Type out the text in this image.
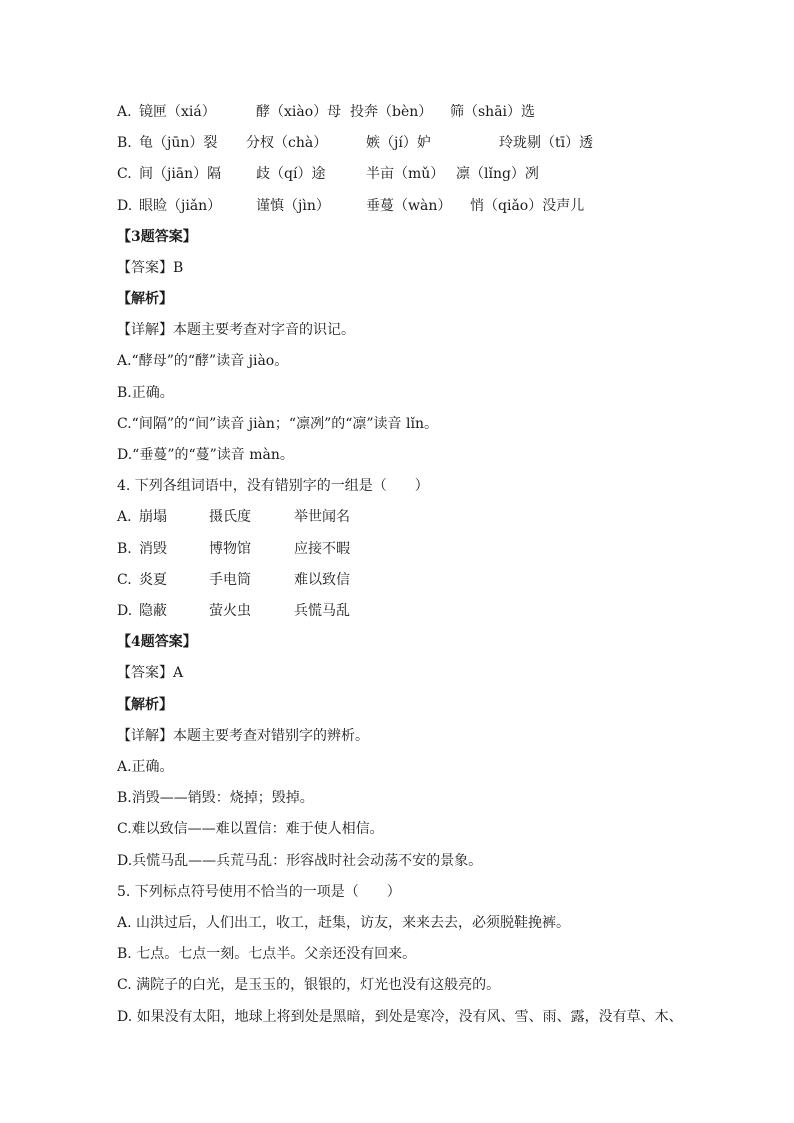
A. 镜匣（xiá）	酵（xiào）母 投奔（bèn） 筛（shāi）选
B. 龟（jūn）裂 分杈（chà）	嫉（jí）妒	玲珑剔（tī）透
C. 间（jiān）隔 歧（qí）途	半亩（mǔ） 凛（lǐng）冽
D. 眼睑（jiǎn） 谨慎（jìn）	垂蔓（wàn） 悄（qiǎo）没声儿
【3题答案】
【答案】B
【解析】
【详解】本题主要考查对字音的识记。
A.“酵母”的“酵”读音 jiào。
B.正确。
C.“间隔”的“间”读音 jiàn；“凛冽”的“凛”读音 lǐn。
D.“垂蔓”的“蔓”读音 màn。
4. 下列各组词语中，没有错别字的一组是（　　）
A. 崩塌	摄氏度	举世闻名
B. 消毁	博物馆	应接不暇
C. 炎夏	手电筒	难以致信
D. 隐蔽	萤火虫	兵慌马乱
【4题答案】
【答案】A
【解析】
【详解】本题主要考查对错别字的辨析。
A.正确。
B.消毁——销毁：烧掉；毁掉。
C.难以致信——难以置信：难于使人相信。
D.兵慌马乱——兵荒马乱：形容战时社会动荡不安的景象。
5. 下列标点符号使用不恰当的一项是（　　）
A. 山洪过后，人们出工，收工，赶集，访友，来来去去，必须脱鞋挽裤。
B. 七点。七点一刻。七点半。父亲还没有回来。
C. 满院子的白光，是玉玉的，银银的，灯光也没有这般亮的。
D. 如果没有太阳，地球上将到处是黑暗，到处是寒冷，没有风、雪、雨、露，没有草、木、
